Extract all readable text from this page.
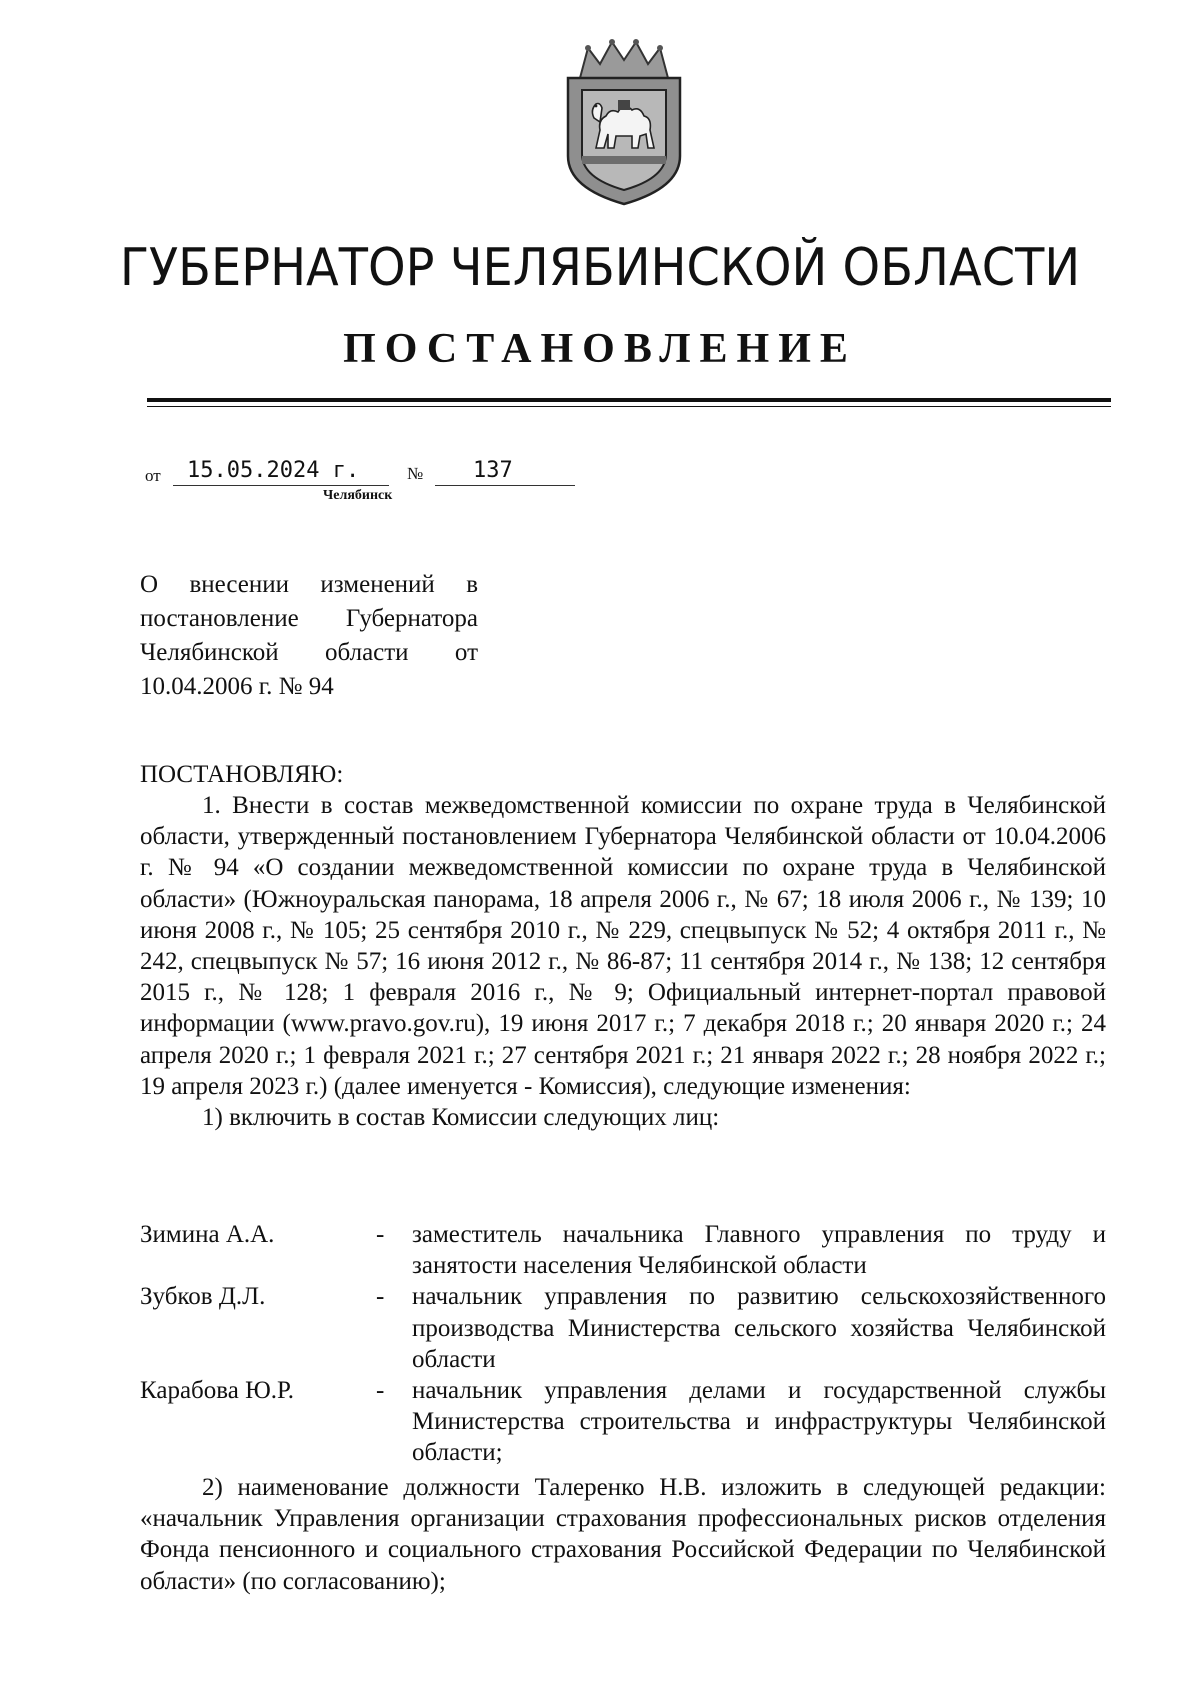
ГУБЕРНАТОР ЧЕЛЯБИНСКОЙ ОБЛАСТИ
ПОСТАНОВЛЕНИЕ
от	15.05.2024 г.	№	137
Челябинск
О внесении изменений в постановление Губернатора Челябинской области от 10.04.2006 г. № 94
ПОСТАНОВЛЯЮ:

1. Внести в состав межведомственной комиссии по охране труда в Челябинской области, утвержденный постановлением Губернатора Челябинской области от 10.04.2006 г. № 94 «О создании межведомственной комиссии по охране труда в Челябинской области» (Южноуральская панорама, 18 апреля 2006 г., № 67; 18 июля 2006 г., № 139; 10 июня 2008 г., № 105; 25 сентября 2010 г., № 229, спецвыпуск № 52; 4 октября 2011 г., № 242, спецвыпуск № 57; 16 июня 2012 г., № 86-87; 11 сентября 2014 г., № 138; 12 сентября 2015 г., № 128; 1 февраля 2016 г., № 9; Официальный интернет-портал правовой информации (www.pravo.gov.ru), 19 июня 2017 г.; 7 декабря 2018 г.; 20 января 2020 г.; 24 апреля 2020 г.; 1 февраля 2021 г.; 27 сентября 2021 г.; 21 января 2022 г.; 28 ноября 2022 г.; 19 апреля 2023 г.) (далее именуется - Комиссия), следующие изменения:

1) включить в состав Комиссии следующих лиц:

Зимина А.А.	- заместитель начальника Главного управления по труду и занятости населения Челябинской области
Зубков Д.Л.	- начальник управления по развитию сельскохозяйственного производства Министерства сельского хозяйства Челябинской области
Карабова Ю.Р.	- начальник управления делами и государственной службы Министерства строительства и инфраструктуры Челябинской области;

2) наименование должности Талеренко Н.В. изложить в следующей редакции: «начальник Управления организации страхования профессиональных рисков отделения Фонда пенсионного и социального страхования Российской Федерации по Челябинской области» (по согласованию);
